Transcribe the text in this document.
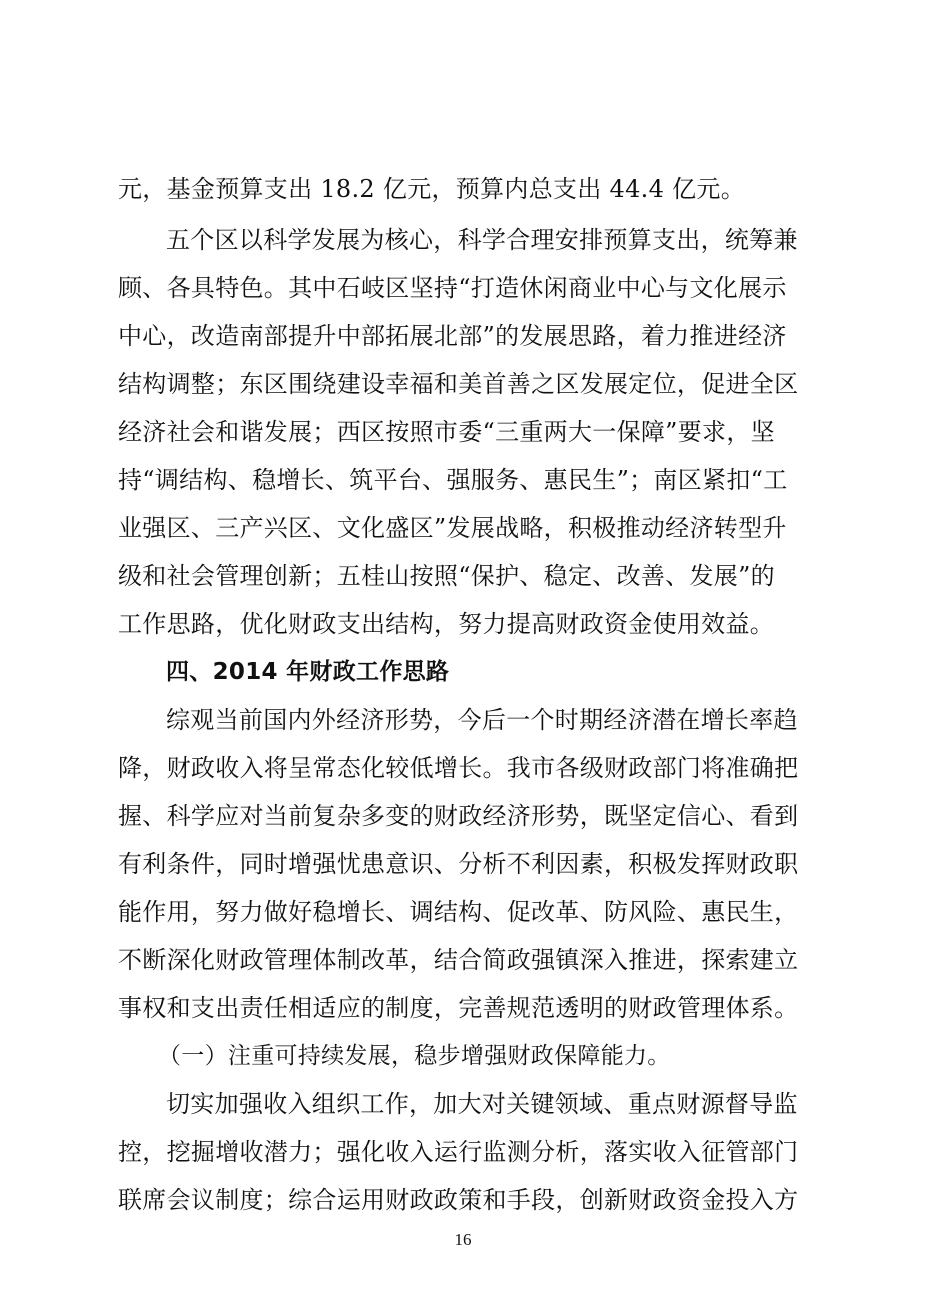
元，基金预算支出 18.2 亿元，预算内总支出 44.4 亿元。
五个区以科学发展为核心，科学合理安排预算支出，统筹兼
顾、各具特色。其中石岐区坚持“打造休闲商业中心与文化展示
中心，改造南部提升中部拓展北部”的发展思路，着力推进经济
结构调整；东区围绕建设幸福和美首善之区发展定位，促进全区
经济社会和谐发展；西区按照市委“三重两大一保障”要求，坚
持“调结构、稳增长、筑平台、强服务、惠民生”；南区紧扣“工
业强区、三产兴区、文化盛区”发展战略，积极推动经济转型升
级和社会管理创新；五桂山按照“保护、稳定、改善、发展”的
工作思路，优化财政支出结构，努力提高财政资金使用效益。
四、2014 年财政工作思路
综观当前国内外经济形势，今后一个时期经济潜在增长率趋
降，财政收入将呈常态化较低增长。我市各级财政部门将准确把
握、科学应对当前复杂多变的财政经济形势，既坚定信心、看到
有利条件，同时增强忧患意识、分析不利因素，积极发挥财政职
能作用，努力做好稳增长、调结构、促改革、防风险、惠民生，
不断深化财政管理体制改革，结合简政强镇深入推进，探索建立
事权和支出责任相适应的制度，完善规范透明的财政管理体系。
（一）注重可持续发展，稳步增强财政保障能力。
切实加强收入组织工作，加大对关键领域、重点财源督导监
控，挖掘增收潜力；强化收入运行监测分析，落实收入征管部门
联席会议制度；综合运用财政政策和手段，创新财政资金投入方
16
